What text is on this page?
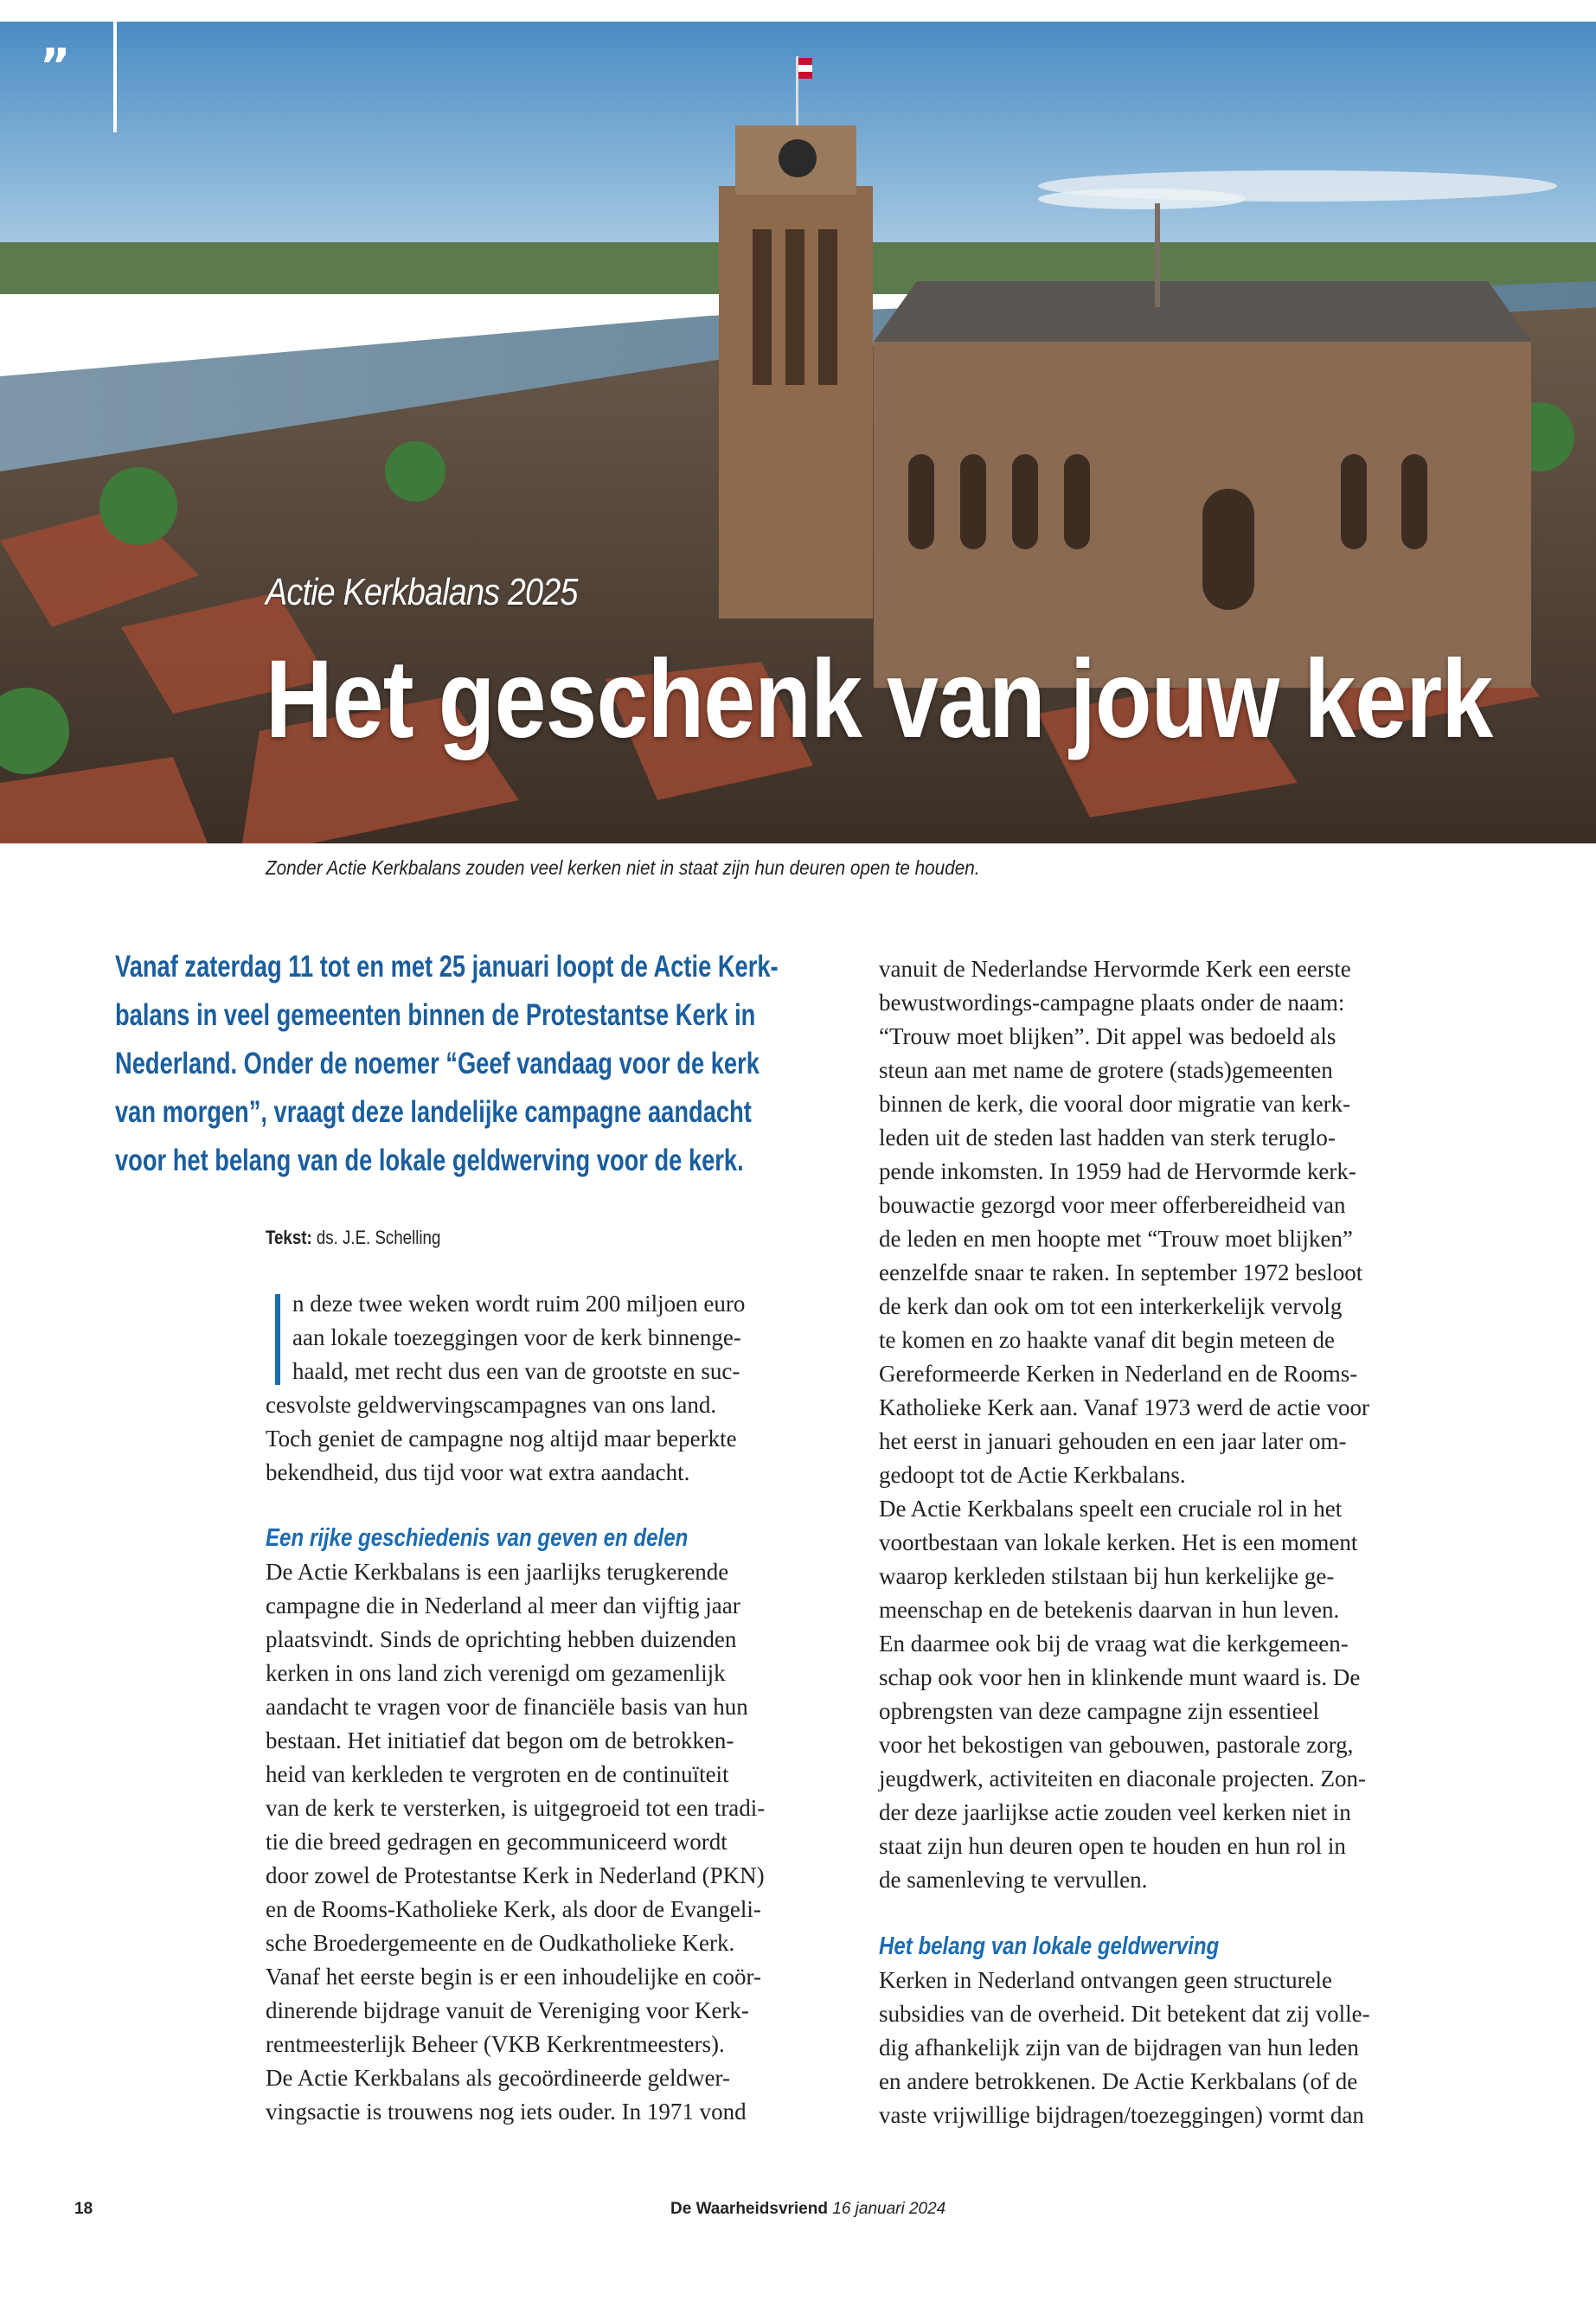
”
Actie Kerkbalans 2025
Het geschenk van jouw kerk
Zonder Actie Kerkbalans zouden veel kerken niet in staat zijn hun deuren open te houden.
Vanaf zaterdag 11 tot en met 25 januari loopt de Actie Kerk-
balans in veel gemeenten binnen de Protestantse Kerk in
Nederland. Onder de noemer “Geef vandaag voor de kerk
van morgen”, vraagt deze landelijke campagne aandacht
voor het belang van de lokale geldwerving voor de kerk.
Tekst: ds. J.E. Schelling
n deze twee weken wordt ruim 200 miljoen euro
aan lokale toezeggingen voor de kerk binnenge-
haald, met recht dus een van de grootste en suc-
cesvolste geldwervingscampagnes van ons land.
Toch geniet de campagne nog altijd maar beperkte
bekendheid, dus tijd voor wat extra aandacht.
Een rijke geschiedenis van geven en delen
De Actie Kerkbalans is een jaarlijks terugkerende
campagne die in Nederland al meer dan vijftig jaar
plaatsvindt. Sinds de oprichting hebben duizenden
kerken in ons land zich verenigd om gezamenlijk
aandacht te vragen voor de financiële basis van hun
bestaan. Het initiatief dat begon om de betrokken-
heid van kerkleden te vergroten en de continuïteit
van de kerk te versterken, is uitgegroeid tot een tradi-
tie die breed gedragen en gecommuniceerd wordt
door zowel de Protestantse Kerk in Nederland (PKN)
en de Rooms-Katholieke Kerk, als door de Evangeli-
sche Broedergemeente en de Oudkatholieke Kerk.
Vanaf het eerste begin is er een inhoudelijke en coör-
dinerende bijdrage vanuit de Vereniging voor Kerk-
rentmeesterlijk Beheer (VKB Kerkrentmeesters).
De Actie Kerkbalans als gecoördineerde geldwer-
vingsactie is trouwens nog iets ouder. In 1971 vond
vanuit de Nederlandse Hervormde Kerk een eerste
bewustwordings-campagne plaats onder de naam:
“Trouw moet blijken”. Dit appel was bedoeld als
steun aan met name de grotere (stads)gemeenten
binnen de kerk, die vooral door migratie van kerk-
leden uit de steden last hadden van sterk teruglo-
pende inkomsten. In 1959 had de Hervormde kerk-
bouwactie gezorgd voor meer offerbereidheid van
de leden en men hoopte met “Trouw moet blijken”
eenzelfde snaar te raken. In september 1972 besloot
de kerk dan ook om tot een interkerkelijk vervolg
te komen en zo haakte vanaf dit begin meteen de
Gereformeerde Kerken in Nederland en de Rooms-
Katholieke Kerk aan. Vanaf 1973 werd de actie voor
het eerst in januari gehouden en een jaar later om-
gedoopt tot de Actie Kerkbalans.
De Actie Kerkbalans speelt een cruciale rol in het
voortbestaan van lokale kerken. Het is een moment
waarop kerkleden stilstaan bij hun kerkelijke ge-
meenschap en de betekenis daarvan in hun leven.
En daarmee ook bij de vraag wat die kerkgemeen-
schap ook voor hen in klinkende munt waard is. De
opbrengsten van deze campagne zijn essentieel
voor het bekostigen van gebouwen, pastorale zorg,
jeugdwerk, activiteiten en diaconale projecten. Zon-
der deze jaarlijkse actie zouden veel kerken niet in
staat zijn hun deuren open te houden en hun rol in
de samenleving te vervullen.
Het belang van lokale geldwerving
Kerken in Nederland ontvangen geen structurele
subsidies van de overheid. Dit betekent dat zij volle-
dig afhankelijk zijn van de bijdragen van hun leden
en andere betrokkenen. De Actie Kerkbalans (of de
vaste vrijwillige bijdragen/toezeggingen) vormt dan
18	De Waarheidsvriend 16 januari 2024
